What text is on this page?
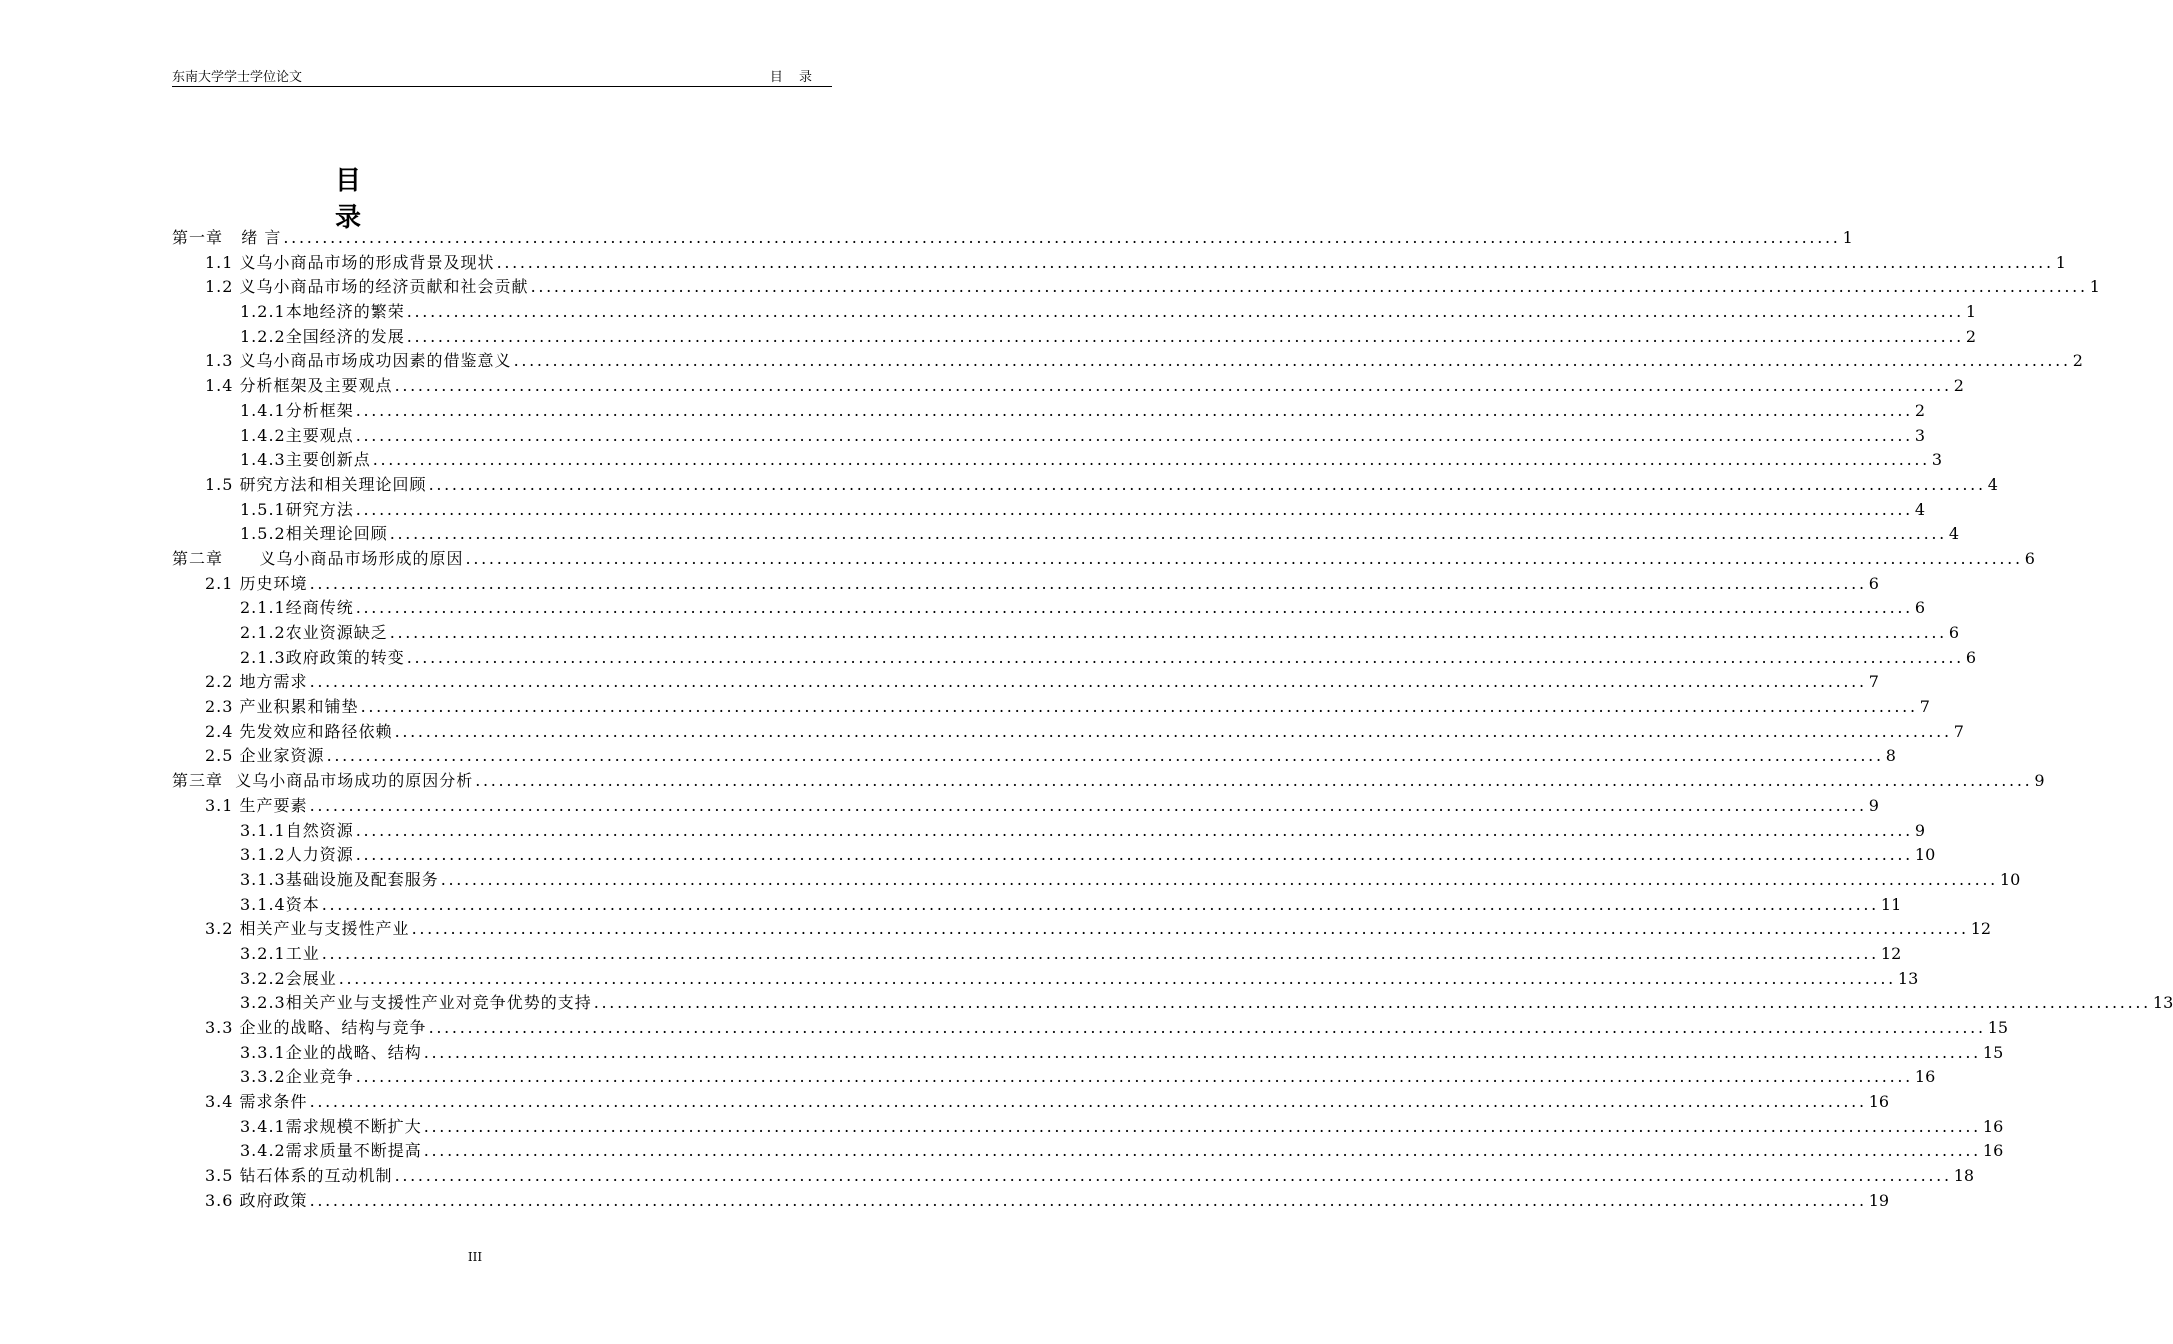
东南大学学士学位论文	目 录
目 录
第一章
绪 言 ........................................................................................................................................................................................................ 1
1.1
义乌小商品市场的形成背景及现状 ........................................................................................................................................................................................................ 1
1.2
义乌小商品市场的经济贡献和社会贡献 ........................................................................................................................................................................................................ 1
1.2.1 本地经济的繁荣 ........................................................................................................................................................................................................ 1
1.2.2 全国经济的发展 ........................................................................................................................................................................................................ 2
1.3
义乌小商品市场成功因素的借鉴意义 ........................................................................................................................................................................................................ 2
1.4
分析框架及主要观点 ........................................................................................................................................................................................................ 2
1.4.1 分析框架 ........................................................................................................................................................................................................ 2
1.4.2 主要观点 ........................................................................................................................................................................................................ 3
1.4.3 主要创新点 ........................................................................................................................................................................................................ 3
1.5
研究方法和相关理论回顾 ........................................................................................................................................................................................................ 4
1.5.1 研究方法 ........................................................................................................................................................................................................ 4
1.5.2 相关理论回顾 ........................................................................................................................................................................................................ 4
第二章
义乌小商品市场形成的原因 ........................................................................................................................................................................................................ 6
2.1
历史环境 ........................................................................................................................................................................................................ 6
2.1.1 经商传统 ........................................................................................................................................................................................................ 6
2.1.2 农业资源缺乏 ........................................................................................................................................................................................................ 6
2.1.3 政府政策的转变 ........................................................................................................................................................................................................ 6
2.2
地方需求 ........................................................................................................................................................................................................ 7
2.3
产业积累和铺垫 ........................................................................................................................................................................................................ 7
2.4
先发效应和路径依赖 ........................................................................................................................................................................................................ 7
2.5
企业家资源 ........................................................................................................................................................................................................ 8
第三章
义乌小商品市场成功的原因分析 ........................................................................................................................................................................................................ 9
3.1
生产要素 ........................................................................................................................................................................................................ 9
3.1.1 自然资源 ........................................................................................................................................................................................................ 9
3.1.2 人力资源 ........................................................................................................................................................................................................ 10
3.1.3 基础设施及配套服务 ........................................................................................................................................................................................................ 10
3.1.4 资本 ........................................................................................................................................................................................................ 11
3.2
相关产业与支援性产业 ........................................................................................................................................................................................................ 12
3.2.1 工业 ........................................................................................................................................................................................................ 12
3.2.2 会展业 ........................................................................................................................................................................................................ 13
3.2.3 相关产业与支援性产业对竞争优势的支持 ........................................................................................................................................................................................................ 13
3.3
企业的战略、结构与竞争 ........................................................................................................................................................................................................ 15
3.3.1 企业的战略、结构 ........................................................................................................................................................................................................ 15
3.3.2 企业竞争 ........................................................................................................................................................................................................ 16
3.4
需求条件 ........................................................................................................................................................................................................ 16
3.4.1 需求规模不断扩大 ........................................................................................................................................................................................................ 16
3.4.2 需求质量不断提高 ........................................................................................................................................................................................................ 16
3.5
钻石体系的互动机制 ........................................................................................................................................................................................................ 18
3.6
政府政策 ........................................................................................................................................................................................................ 19
III
